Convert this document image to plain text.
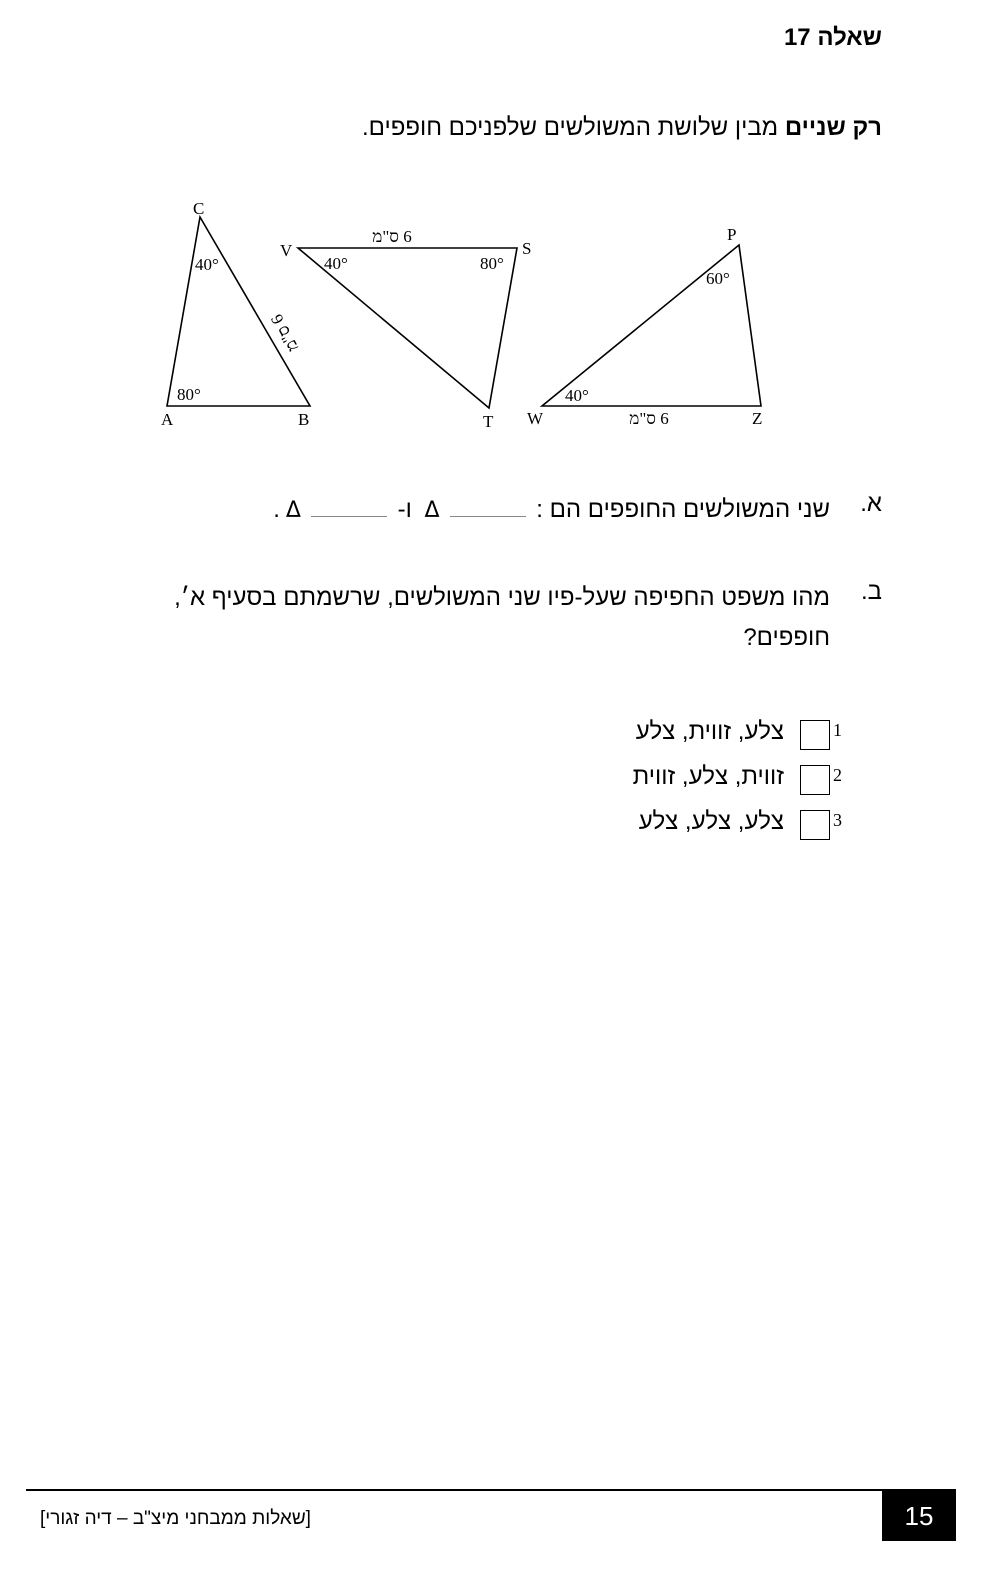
שאלה 17
רק שניים מבין שלושת המשולשים שלפניכם חופפים.
C
A	B
40°
80°
6 ס"מ
V	S
T
40°	80°
6 ס"מ	P
W	Z
60°
40°
6 ס"מ
א.
שני המשולשים החופפים הם : Δ ו- Δ.
ב.
מהו משפט החפיפה שעל-פיו שני המשולשים, שרשמתם בסעיף א׳, חופפים?
1
צלע, זווית, צלע
2
זווית, צלע, זווית
3
צלע, צלע, צלע
[שאלות ממבחני מיצ"ב – דיה זגורי]	15
